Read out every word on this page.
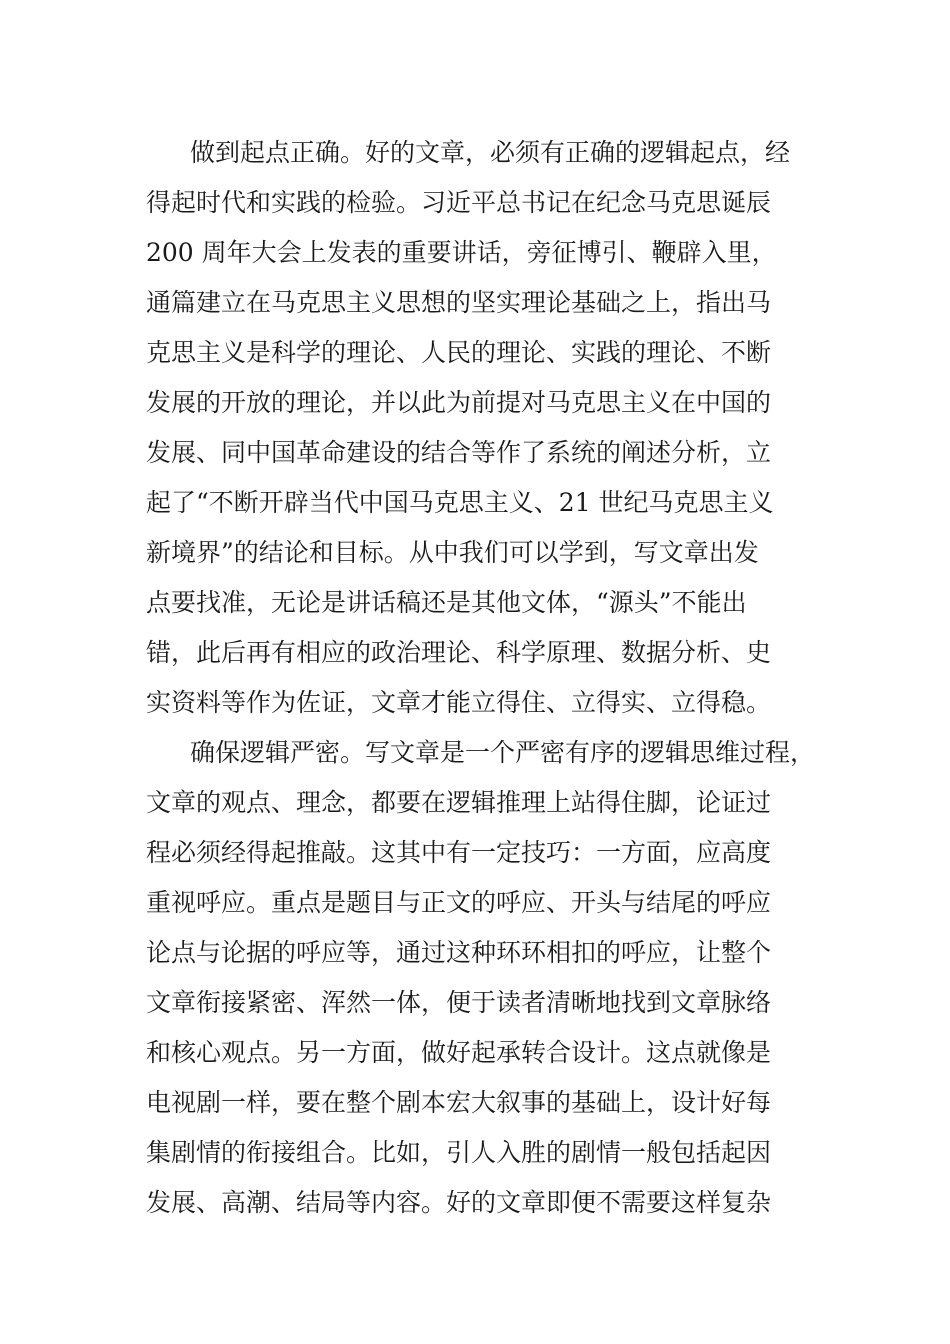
做到起点正确。好的文章，必须有正确的逻辑起点，经
得起时代和实践的检验。习近平总书记在纪念马克思诞辰
200 周年大会上发表的重要讲话，旁征博引、鞭辟入里，
通篇建立在马克思主义思想的坚实理论基础之上，指出马
克思主义是科学的理论、人民的理论、实践的理论、不断
发展的开放的理论，并以此为前提对马克思主义在中国的
发展、同中国革命建设的结合等作了系统的阐述分析，立
起了“不断开辟当代中国马克思主义、21 世纪马克思主义
新境界”的结论和目标。从中我们可以学到，写文章出发
点要找准，无论是讲话稿还是其他文体，“源头”不能出
错，此后再有相应的政治理论、科学原理、数据分析、史
实资料等作为佐证，文章才能立得住、立得实、立得稳。
确保逻辑严密。写文章是一个严密有序的逻辑思维过程，
文章的观点、理念，都要在逻辑推理上站得住脚，论证过
程必须经得起推敲。这其中有一定技巧：一方面，应高度
重视呼应。重点是题目与正文的呼应、开头与结尾的呼应
论点与论据的呼应等，通过这种环环相扣的呼应，让整个
文章衔接紧密、浑然一体，便于读者清晰地找到文章脉络
和核心观点。另一方面，做好起承转合设计。这点就像是
电视剧一样，要在整个剧本宏大叙事的基础上，设计好每
集剧情的衔接组合。比如，引人入胜的剧情一般包括起因
发展、高潮、结局等内容。好的文章即便不需要这样复杂
